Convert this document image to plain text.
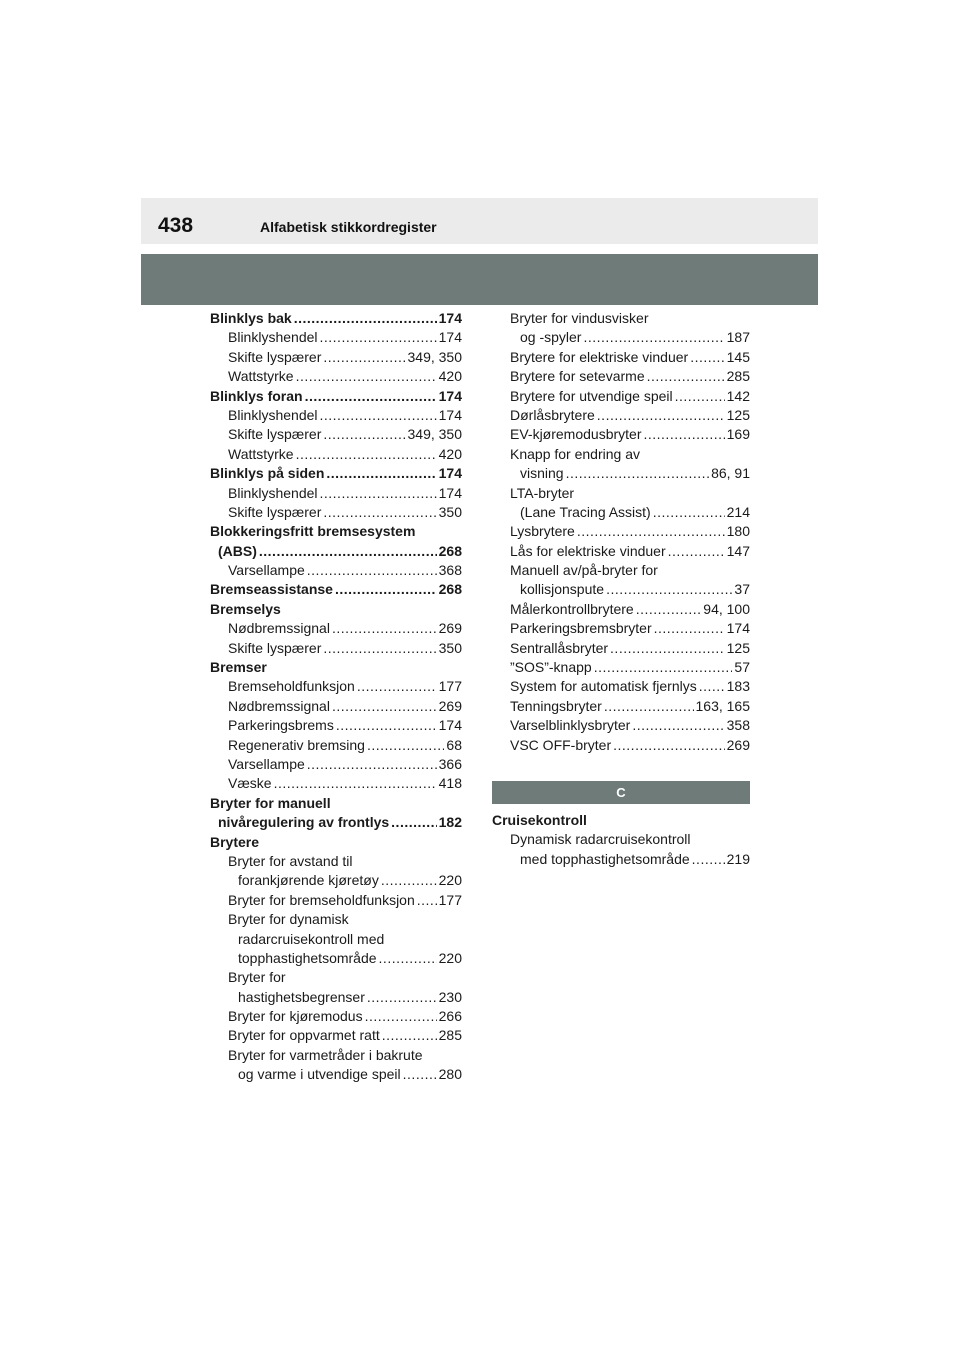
438	Alfabetisk stikkordregister
Blinklys bak .....	174
Blinklyshendel .....	174
Skifte lyspærer .....	349, 350
Wattstyrke .....	420
Blinklys foran .....	174
Blinklyshendel .....	174
Skifte lyspærer .....	349, 350
Wattstyrke .....	420
Blinklys på siden .....	174
Blinklyshendel .....	174
Skifte lyspærer .....	350
Blokkeringsfritt bremsesystem
(ABS) .....	268
Varsellampe .....	368
Bremseassistanse .....	268
Bremselys
Nødbremssignal .....	269
Skifte lyspærer .....	350
Bremser
Bremseholdfunksjon .....	177
Nødbremssignal .....	269
Parkeringsbrems .....	174
Regenerativ bremsing .....	68
Varsellampe .....	366
Væske .....	418
Bryter for manuell
nivåregulering av frontlys .....	182
Brytere
Bryter for avstand til
forankjørende kjøretøy .....	220
Bryter for bremseholdfunksjon ..... 177
Bryter for dynamisk
radarcruisekontroll med
topphastighetsområde .....	220
Bryter for
hastighetsbegrenser .....	230
Bryter for kjøremodus .....	266
Bryter for oppvarmet ratt .....	285
Bryter for varmetråder i bakrute
og varme i utvendige speil .....	280
Bryter for vindusvisker
og -spyler .....	187
Brytere for elektriske vinduer .....	145
Brytere for setevarme .....	285
Brytere for utvendige speil .....	142
Dørlåsbrytere .....	125
EV-kjøremodusbryter .....	169
Knapp for endring av
visning .....	86, 91
LTA-bryter
(Lane Tracing Assist) .....	214
Lysbrytere .....	180
Lås for elektriske vinduer .....	147
Manuell av/på-bryter for
kollisjonspute .....	37
Målerkontrollbrytere .....	94, 100
Parkeringsbremsbryter .....	174
Sentrallåsbryter .....	125
”SOS”-knapp .....	57
System for automatisk fjernlys ..... 183
Tenningsbryter .....	163, 165
Varselblinklysbryter .....	358
VSC OFF-bryter .....	269
C
Cruisekontroll
Dynamisk radarcruisekontroll
med topphastighetsområde .....	219
